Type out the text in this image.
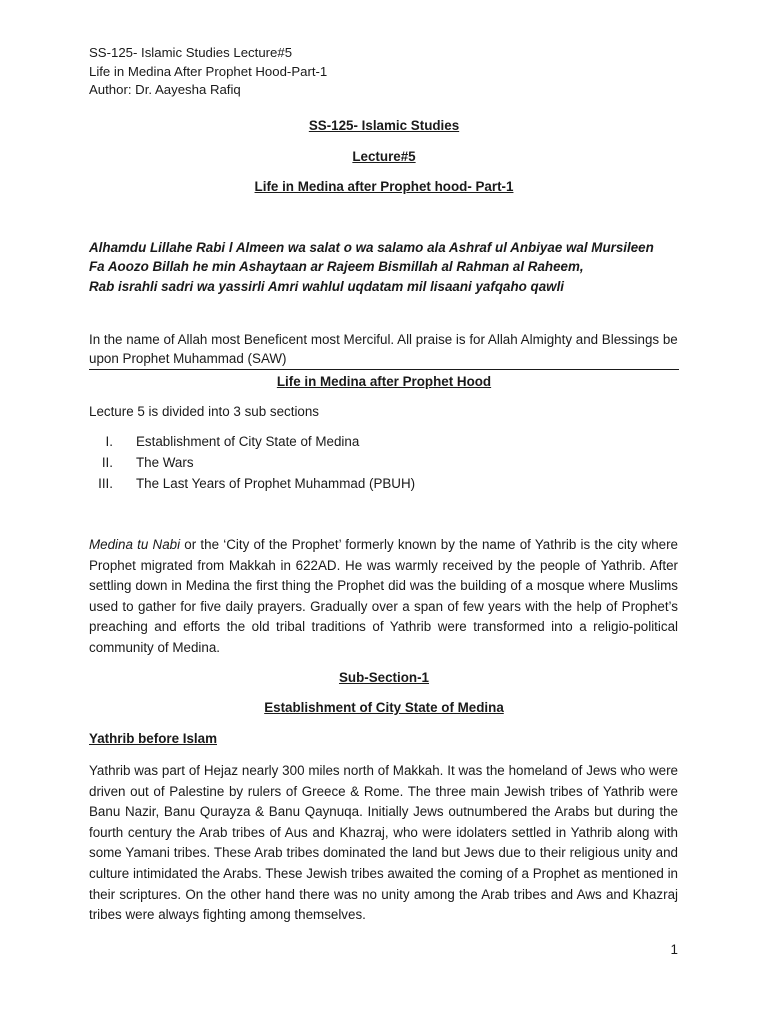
SS-125- Islamic Studies Lecture#5
Life in Medina After Prophet Hood-Part-1
Author: Dr. Aayesha Rafiq
SS-125- Islamic Studies
Lecture#5
Life in Medina after Prophet hood- Part-1
Alhamdu Lillahe Rabi l Almeen wa salat o wa salamo ala Ashraf ul Anbiyae wal Mursileen
Fa Aoozo Billah he min Ashaytaan ar Rajeem Bismillah al Rahman al Raheem,
Rab israhli sadri wa yassirli Amri wahlul uqdatam mil lisaani yafqaho qawli
In the name of Allah most Beneficent most Merciful. All praise is for Allah Almighty and Blessings be upon Prophet Muhammad (SAW)
Life in Medina after Prophet Hood
Lecture 5 is divided into 3 sub sections
I. Establishment of City State of Medina
II. The Wars
III. The Last Years of Prophet Muhammad (PBUH)
Medina tu Nabi or the ‘City of the Prophet’ formerly known by the name of Yathrib is the city where Prophet migrated from Makkah in 622AD. He was warmly received by the people of Yathrib. After settling down in Medina the first thing the Prophet did was the building of a mosque where Muslims used to gather for five daily prayers. Gradually over a span of few years with the help of Prophet’s preaching and efforts the old tribal traditions of Yathrib were transformed into a religio-political community of Medina.
Sub-Section-1
Establishment of City State of Medina
Yathrib before Islam
Yathrib was part of Hejaz nearly 300 miles north of Makkah. It was the homeland of Jews who were driven out of Palestine by rulers of Greece & Rome. The three main Jewish tribes of Yathrib were Banu Nazir, Banu Qurayza & Banu Qaynuqa. Initially Jews outnumbered the Arabs but during the fourth century the Arab tribes of Aus and Khazraj, who were idolaters settled in Yathrib along with some Yamani tribes. These Arab tribes dominated the land but Jews due to their religious unity and culture intimidated the Arabs. These Jewish tribes awaited the coming of a Prophet as mentioned in their scriptures. On the other hand there was no unity among the Arab tribes and Aws and Khazraj tribes were always fighting among themselves.
1
